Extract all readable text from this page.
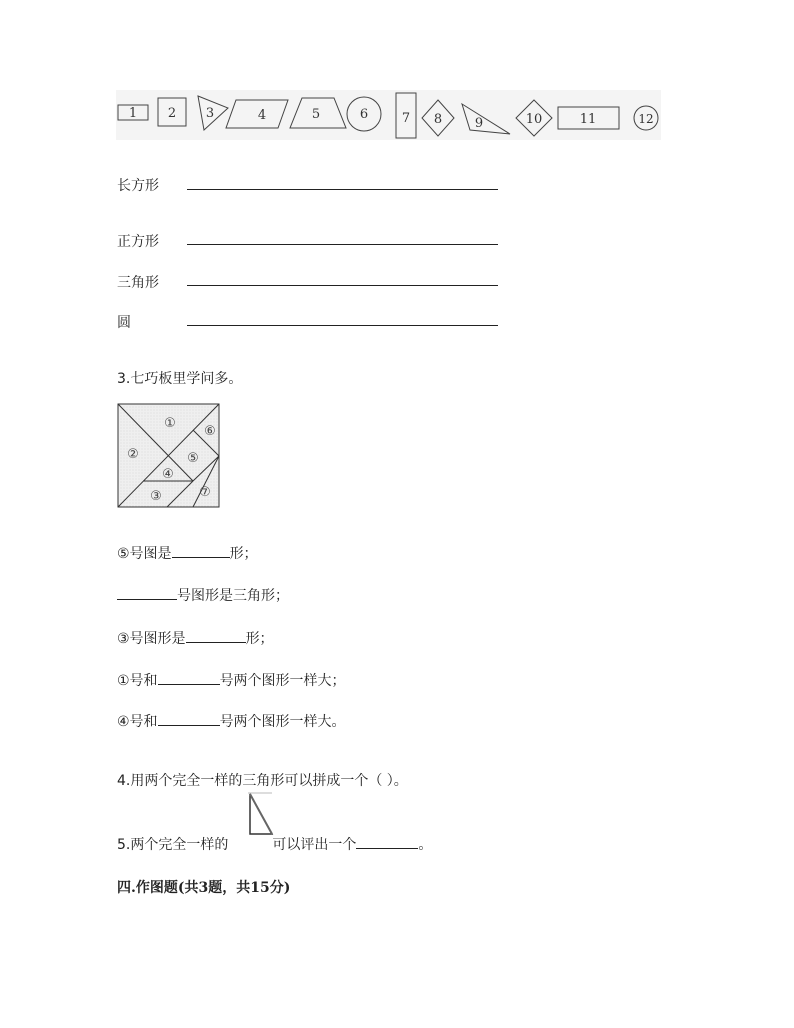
1 2 3	4	5	6	7 8	9	10	11	12
长方形
正方形
三角形
圆
3.七巧板里学问多。
①
②
③
④
⑤
⑥
⑦
⑤号图是	形；
号图形是三角形；
③号图形是	形；
①号和	号两个图形一样大；
④号和	号两个图形一样大。
4.用两个完全一样的三角形可以拼成一个（ ）。
5.两个完全一样的	可以评出一个	。
四.作图题(共3题，共15分)
